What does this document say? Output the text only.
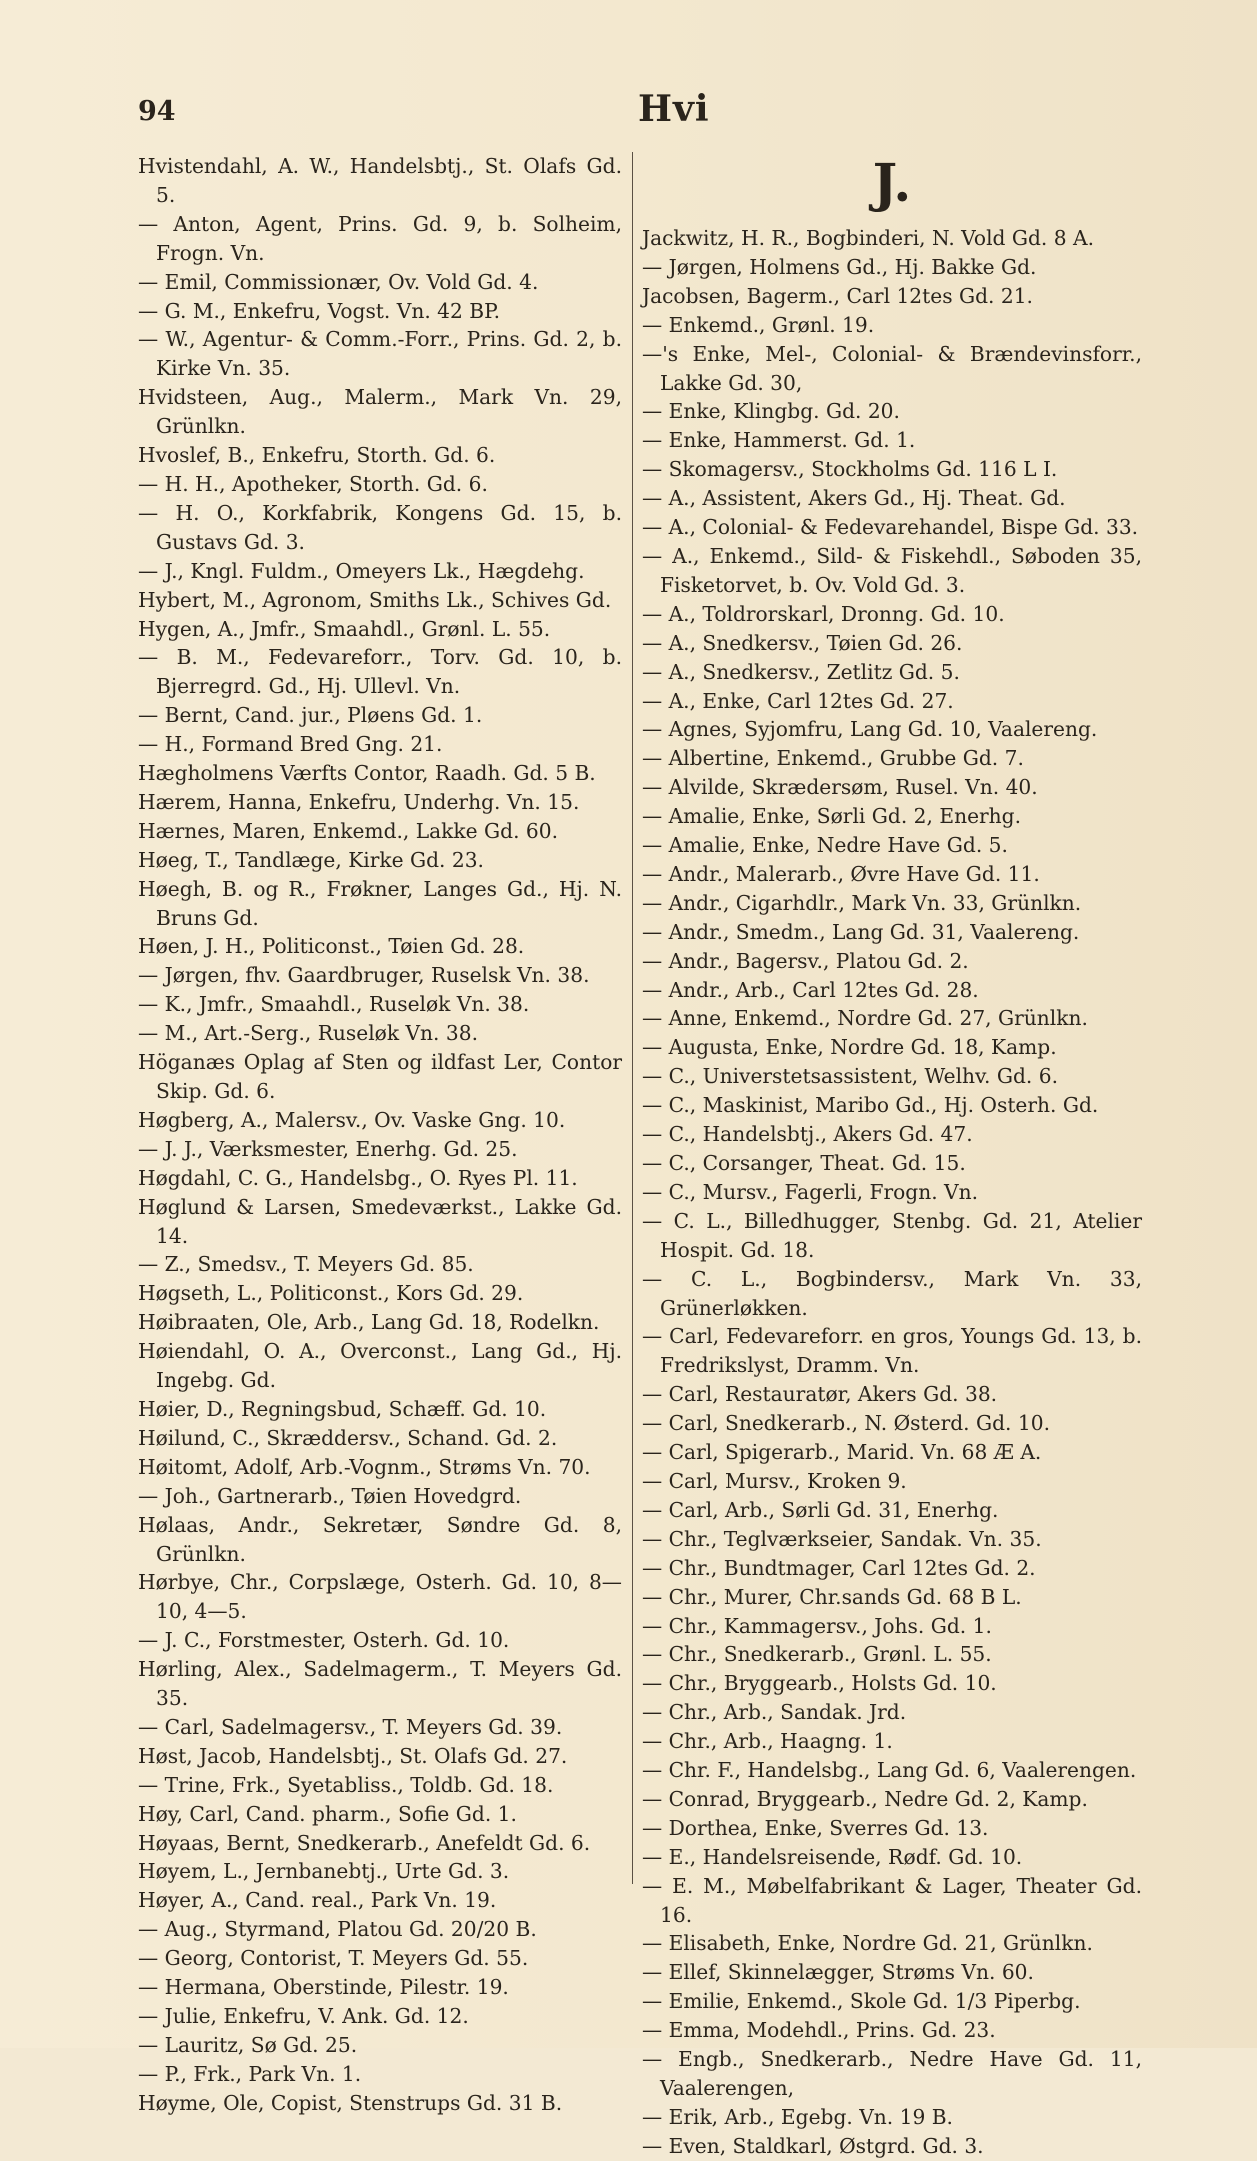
94	Hvi

Hvistendahl, A. W., Handelsbtj., St. Olafs Gd. 5.

— Anton, Agent, Prins. Gd. 9, b. Solheim, Frogn. Vn.

— Emil, Commissionær, Ov. Vold Gd. 4.

— G. M., Enkefru, Vogst. Vn. 42 BP.

— W., Agentur- & Comm.-Forr., Prins. Gd. 2, b. Kirke Vn. 35.

Hvidsteen, Aug., Malerm., Mark Vn. 29, Grünlkn.

Hvoslef, B., Enkefru, Storth. Gd. 6.

— H. H., Apotheker, Storth. Gd. 6.

— H. O., Korkfabrik, Kongens Gd. 15, b. Gustavs Gd. 3.

— J., Kngl. Fuldm., Omeyers Lk., Hægdehg.

Hybert, M., Agronom, Smiths Lk., Schives Gd.

Hygen, A., Jmfr., Smaahdl., Grønl. L. 55.

— B. M., Fedevareforr., Torv. Gd. 10, b. Bjerregrd. Gd., Hj. Ullevl. Vn.

— Bernt, Cand. jur., Pløens Gd. 1.

— H., Formand Bred Gng. 21.

Hægholmens Værfts Contor, Raadh. Gd. 5 B.

Hærem, Hanna, Enkefru, Underhg. Vn. 15.

Hærnes, Maren, Enkemd., Lakke Gd. 60.

Høeg, T., Tandlæge, Kirke Gd. 23.

Høegh, B. og R., Frøkner, Langes Gd., Hj. N. Bruns Gd.

Høen, J. H., Politiconst., Tøien Gd. 28.

— Jørgen, fhv. Gaardbruger, Ruselsk Vn. 38.

— K., Jmfr., Smaahdl., Ruseløk Vn. 38.

— M., Art.-Serg., Ruseløk Vn. 38.

Höganæs Oplag af Sten og ildfast Ler, Contor Skip. Gd. 6.

Høgberg, A., Malersv., Ov. Vaske Gng. 10.

— J. J., Værksmester, Enerhg. Gd. 25.

Høgdahl, C. G., Handelsbg., O. Ryes Pl. 11.

Høglund & Larsen, Smedeværkst., Lakke Gd. 14.

— Z., Smedsv., T. Meyers Gd. 85.

Høgseth, L., Politiconst., Kors Gd. 29.

Høibraaten, Ole, Arb., Lang Gd. 18, Rodelkn.

Høiendahl, O. A., Overconst., Lang Gd., Hj. Ingebg. Gd.

Høier, D., Regningsbud, Schæff. Gd. 10.

Høilund, C., Skræddersv., Schand. Gd. 2.

Høitomt, Adolf, Arb.-Vognm., Strøms Vn. 70.

— Joh., Gartnerarb., Tøien Hovedgrd.

Hølaas, Andr., Sekretær, Søndre Gd. 8, Grünlkn.

Hørbye, Chr., Corpslæge, Osterh. Gd. 10, 8—10, 4—5.

— J. C., Forstmester, Osterh. Gd. 10.

Hørling, Alex., Sadelmagerm., T. Meyers Gd. 35.

— Carl, Sadelmagersv., T. Meyers Gd. 39.

Høst, Jacob, Handelsbtj., St. Olafs Gd. 27.

— Trine, Frk., Syetabliss., Toldb. Gd. 18.

Høy, Carl, Cand. pharm., Sofie Gd. 1.

Høyaas, Bernt, Snedkerarb., Anefeldt Gd. 6.

Høyem, L., Jernbanebtj., Urte Gd. 3.

Høyer, A., Cand. real., Park Vn. 19.

— Aug., Styrmand, Platou Gd. 20/20 B.

— Georg, Contorist, T. Meyers Gd. 55.

— Hermana, Oberstinde, Pilestr. 19.

— Julie, Enkefru, V. Ank. Gd. 12.

— Lauritz, Sø Gd. 25.

— P., Frk., Park Vn. 1.

Høyme, Ole, Copist, Stenstrups Gd. 31 B.

J.

Jackwitz, H. R., Bogbinderi, N. Vold Gd. 8 A.

— Jørgen, Holmens Gd., Hj. Bakke Gd.

Jacobsen, Bagerm., Carl 12tes Gd. 21.

— Enkemd., Grønl. 19.

—'s Enke, Mel-, Colonial- & Brændevinsforr., Lakke Gd. 30,

— Enke, Klingbg. Gd. 20.

— Enke, Hammerst. Gd. 1.

— Skomagersv., Stockholms Gd. 116 L I.

— A., Assistent, Akers Gd., Hj. Theat. Gd.

— A., Colonial- & Fedevarehandel, Bispe Gd. 33.

— A., Enkemd., Sild- & Fiskehdl., Søboden 35, Fisketorvet, b. Ov. Vold Gd. 3.

— A., Toldrorskarl, Dronng. Gd. 10.

— A., Snedkersv., Tøien Gd. 26.

— A., Snedkersv., Zetlitz Gd. 5.

— A., Enke, Carl 12tes Gd. 27.

— Agnes, Syjomfru, Lang Gd. 10, Vaalereng.

— Albertine, Enkemd., Grubbe Gd. 7.

— Alvilde, Skrædersøm, Rusel. Vn. 40.

— Amalie, Enke, Sørli Gd. 2, Enerhg.

— Amalie, Enke, Nedre Have Gd. 5.

— Andr., Malerarb., Øvre Have Gd. 11.

— Andr., Cigarhdlr., Mark Vn. 33, Grünlkn.

— Andr., Smedm., Lang Gd. 31, Vaalereng.

— Andr., Bagersv., Platou Gd. 2.

— Andr., Arb., Carl 12tes Gd. 28.

— Anne, Enkemd., Nordre Gd. 27, Grünlkn.

— Augusta, Enke, Nordre Gd. 18, Kamp.

— C., Universtetsassistent, Welhv. Gd. 6.

— C., Maskinist, Maribo Gd., Hj. Osterh. Gd.

— C., Handelsbtj., Akers Gd. 47.

— C., Corsanger, Theat. Gd. 15.

— C., Mursv., Fagerli, Frogn. Vn.

— C. L., Billedhugger, Stenbg. Gd. 21, Atelier Hospit. Gd. 18.

— C. L., Bogbindersv., Mark Vn. 33, Grünerløkken.

— Carl, Fedevareforr. en gros, Youngs Gd. 13, b. Fredrikslyst, Dramm. Vn.

— Carl, Restauratør, Akers Gd. 38.

— Carl, Snedkerarb., N. Østerd. Gd. 10.

— Carl, Spigerarb., Marid. Vn. 68 Æ A.

— Carl, Mursv., Kroken 9.

— Carl, Arb., Sørli Gd. 31, Enerhg.

— Chr., Teglværkseier, Sandak. Vn. 35.

— Chr., Bundtmager, Carl 12tes Gd. 2.

— Chr., Murer, Chr.sands Gd. 68 B L.

— Chr., Kammagersv., Johs. Gd. 1.

— Chr., Snedkerarb., Grønl. L. 55.

— Chr., Bryggearb., Holsts Gd. 10.

— Chr., Arb., Sandak. Jrd.

— Chr., Arb., Haagng. 1.

— Chr. F., Handelsbg., Lang Gd. 6, Vaalerengen.

— Conrad, Bryggearb., Nedre Gd. 2, Kamp.

— Dorthea, Enke, Sverres Gd. 13.

— E., Handelsreisende, Rødf. Gd. 10.

— E. M., Møbelfabrikant & Lager, Theater Gd. 16.

— Elisabeth, Enke, Nordre Gd. 21, Grünlkn.

— Ellef, Skinnelægger, Strøms Vn. 60.

— Emilie, Enkemd., Skole Gd. 1/3 Piperbg.

— Emma, Modehdl., Prins. Gd. 23.

— Engb., Snedkerarb., Nedre Have Gd. 11, Vaalerengen,

— Erik, Arb., Egebg. Vn. 19 B.

— Even, Staldkarl, Østgrd. Gd. 3.
